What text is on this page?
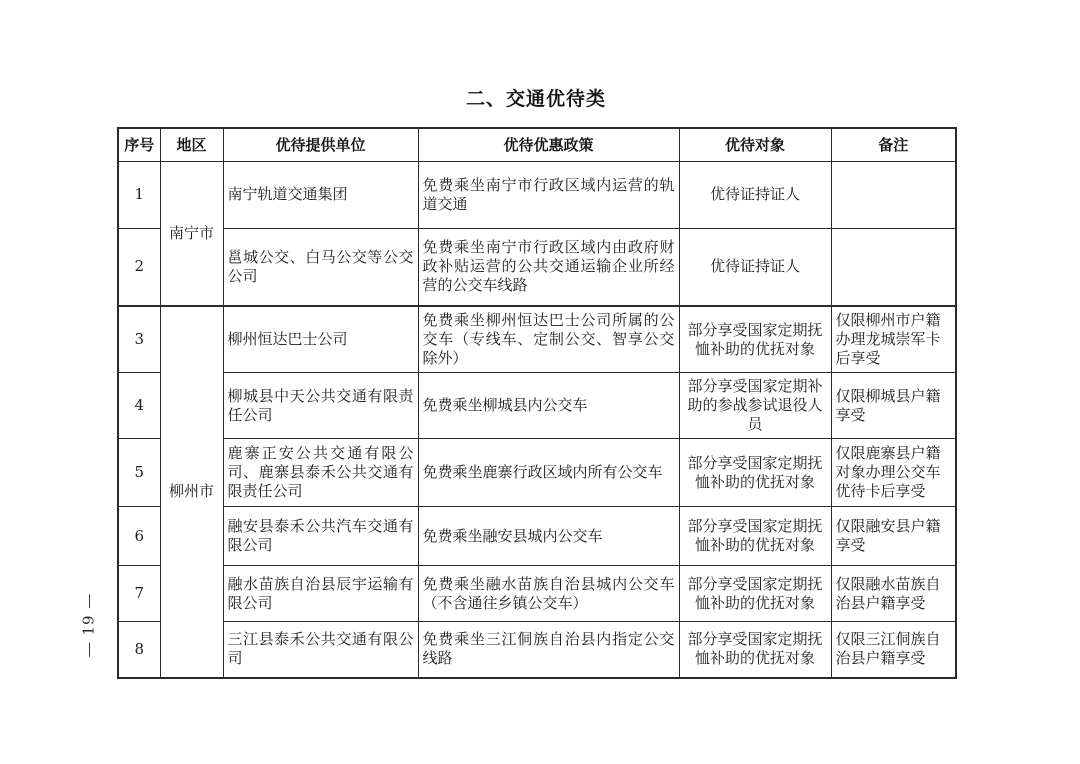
— 19 —
二、交通优待类
序号	地区	优待提供单位	优待优惠政策	优待对象	备注
1	南宁市	南宁轨道交通集团	免费乘坐南宁市行政区域内运营的轨道交通	优待证持证人	
2		邕城公交、白马公交等公交公司	免费乘坐南宁市行政区域内由政府财政补贴运营的公共交通运输企业所经营的公交车线路	优待证持证人	
3	柳州市	柳州恒达巴士公司	免费乘坐柳州恒达巴士公司所属的公交车（专线车、定制公交、智享公交除外）	部分享受国家定期抚恤补助的优抚对象	仅限柳州市户籍办理龙城崇军卡后享受
4		柳城县中天公共交通有限责任公司	免费乘坐柳城县内公交车	部分享受国家定期补助的参战参试退役人员	仅限柳城县户籍享受
5		鹿寨正安公共交通有限公司、鹿寨县泰禾公共交通有限责任公司	免费乘坐鹿寨行政区域内所有公交车	部分享受国家定期抚恤补助的优抚对象	仅限鹿寨县户籍对象办理公交车优待卡后享受
6		融安县泰禾公共汽车交通有限公司	免费乘坐融安县城内公交车	部分享受国家定期抚恤补助的优抚对象	仅限融安县户籍享受
7		融水苗族自治县辰宇运输有限公司	免费乘坐融水苗族自治县城内公交车（不含通往乡镇公交车）	部分享受国家定期抚恤补助的优抚对象	仅限融水苗族自治县户籍享受
8		三江县泰禾公共交通有限公司	免费乘坐三江侗族自治县内指定公交线路	部分享受国家定期抚恤补助的优抚对象	仅限三江侗族自治县户籍享受
